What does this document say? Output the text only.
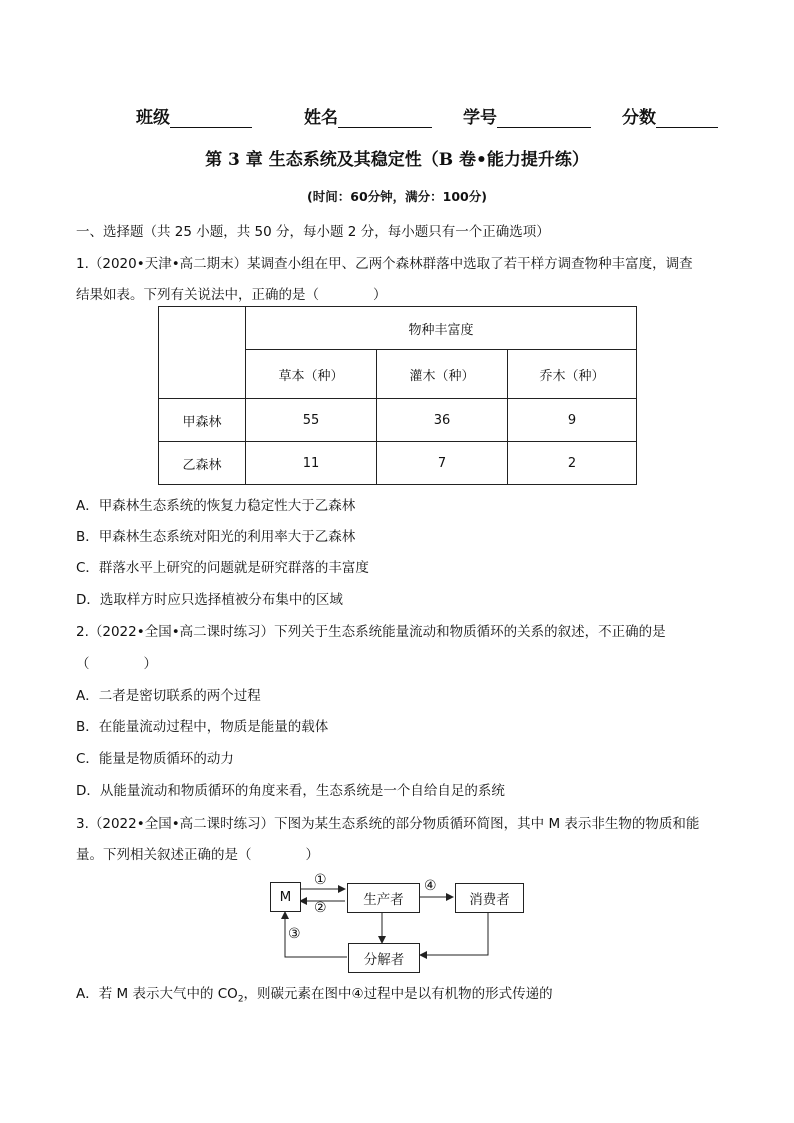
班级	姓名	学号	分数
第 3 章 生态系统及其稳定性（B 卷•能力提升练）
(时间：60分钟，满分：100分)
一、选择题（共 25 小题，共 50 分，每小题 2 分，每小题只有一个正确选项）
1.（2020•天津•高二期末）某调查小组在甲、乙两个森林群落中选取了若干样方调查物种丰富度，调查
结果如表。下列有关说法中，正确的是（　　　　）
	物种丰富度		
	草本（种）	灌木（种）	乔木（种）
甲森林	55	36	9
乙森林	11	7	2
A．甲森林生态系统的恢复力稳定性大于乙森林
B．甲森林生态系统对阳光的利用率大于乙森林
C．群落水平上研究的问题就是研究群落的丰富度
D．选取样方时应只选择植被分布集中的区域
2.（2022•全国•高二课时练习）下列关于生态系统能量流动和物质循环的关系的叙述，不正确的是
（　　　　）
A．二者是密切联系的两个过程
B．在能量流动过程中，物质是能量的载体
C．能量是物质循环的动力
D．从能量流动和物质循环的角度来看，生态系统是一个自给自足的系统
3.（2022•全国•高二课时练习）下图为某生态系统的部分物质循环简图，其中 M 表示非生物的物质和能
量。下列相关叙述正确的是（　　　　）
M	生产者	消费者
分解者
①
②
③
④
A．若 M 表示大气中的 $CO_2$，则碳元素在图中④过程中是以有机物的形式传递的
